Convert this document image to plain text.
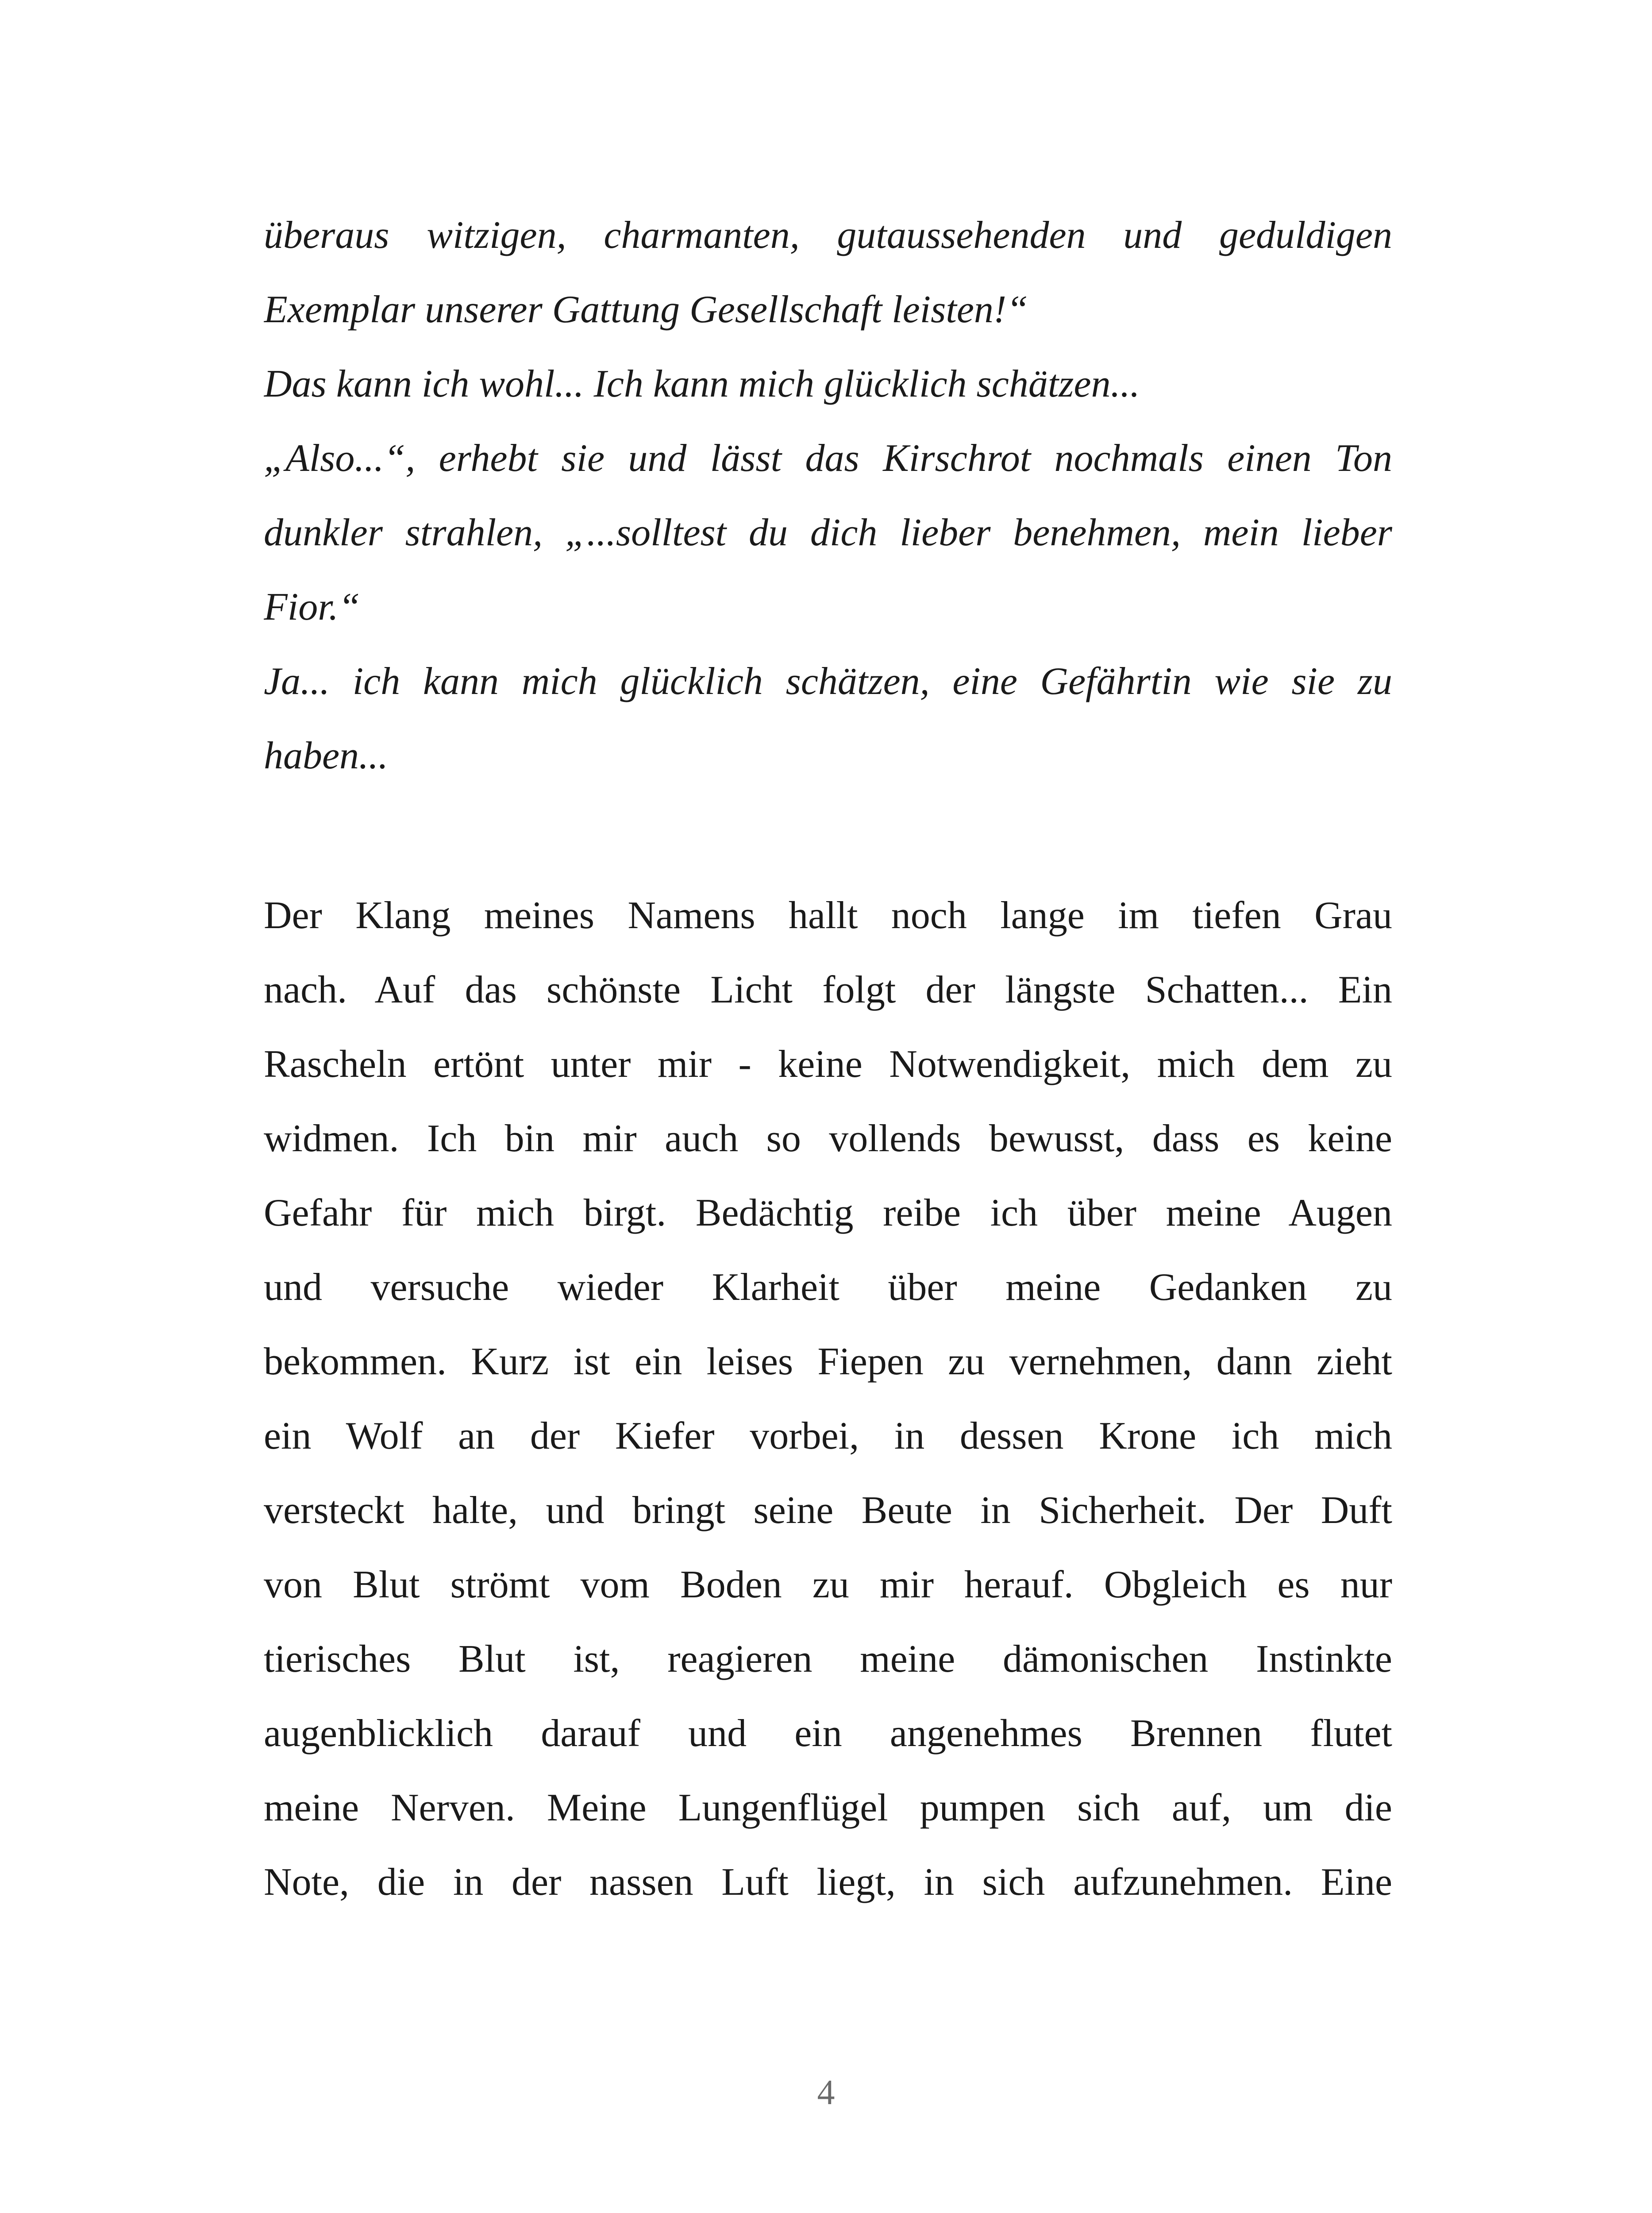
überaus witzigen, charmanten, gutaussehenden und geduldigen
Exemplar unserer Gattung Gesellschaft leisten!“
Das kann ich wohl... Ich kann mich glücklich schätzen...
„Also...“, erhebt sie und lässt das Kirschrot nochmals einen Ton
dunkler strahlen, „...solltest du dich lieber benehmen, mein lieber
Fior.“
Ja... ich kann mich glücklich schätzen, eine Gefährtin wie sie zu
haben...
Der Klang meines Namens hallt noch lange im tiefen Grau
nach. Auf das schönste Licht folgt der längste Schatten... Ein
Rascheln ertönt unter mir - keine Notwendigkeit, mich dem zu
widmen. Ich bin mir auch so vollends bewusst, dass es keine
Gefahr für mich birgt. Bedächtig reibe ich über meine Augen
und versuche wieder Klarheit über meine Gedanken zu
bekommen. Kurz ist ein leises Fiepen zu vernehmen, dann zieht
ein Wolf an der Kiefer vorbei, in dessen Krone ich mich
versteckt halte, und bringt seine Beute in Sicherheit. Der Duft
von Blut strömt vom Boden zu mir herauf. Obgleich es nur
tierisches Blut ist, reagieren meine dämonischen Instinkte
augenblicklich darauf und ein angenehmes Brennen flutet
meine Nerven. Meine Lungenflügel pumpen sich auf, um die
Note, die in der nassen Luft liegt, in sich aufzunehmen. Eine
4
